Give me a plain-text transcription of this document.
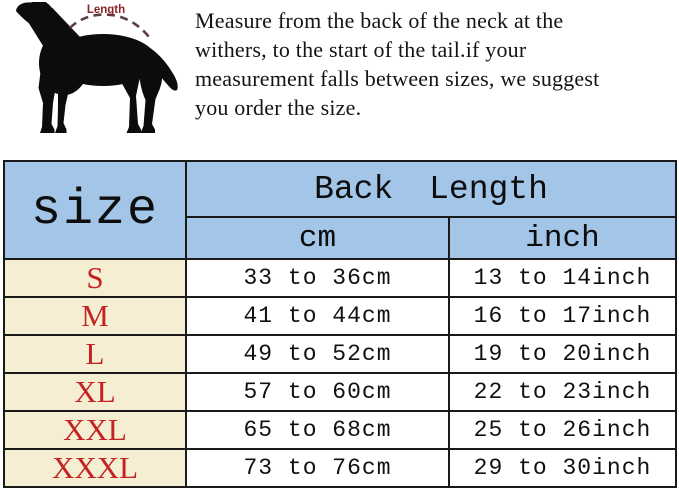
Length	Measure from the back of the neck at the
withers, to the start of the tail.if your
measurement falls between sizes, we suggest
you order the size.
size	Back Length	
	cm	inch
S	33 to 36cm	13 to 14inch
M	41 to 44cm	16 to 17inch
L	49 to 52cm	19 to 20inch
XL	57 to 60cm	22 to 23inch
XXL	65 to 68cm	25 to 26inch
XXXL	73 to 76cm	29 to 30inch
